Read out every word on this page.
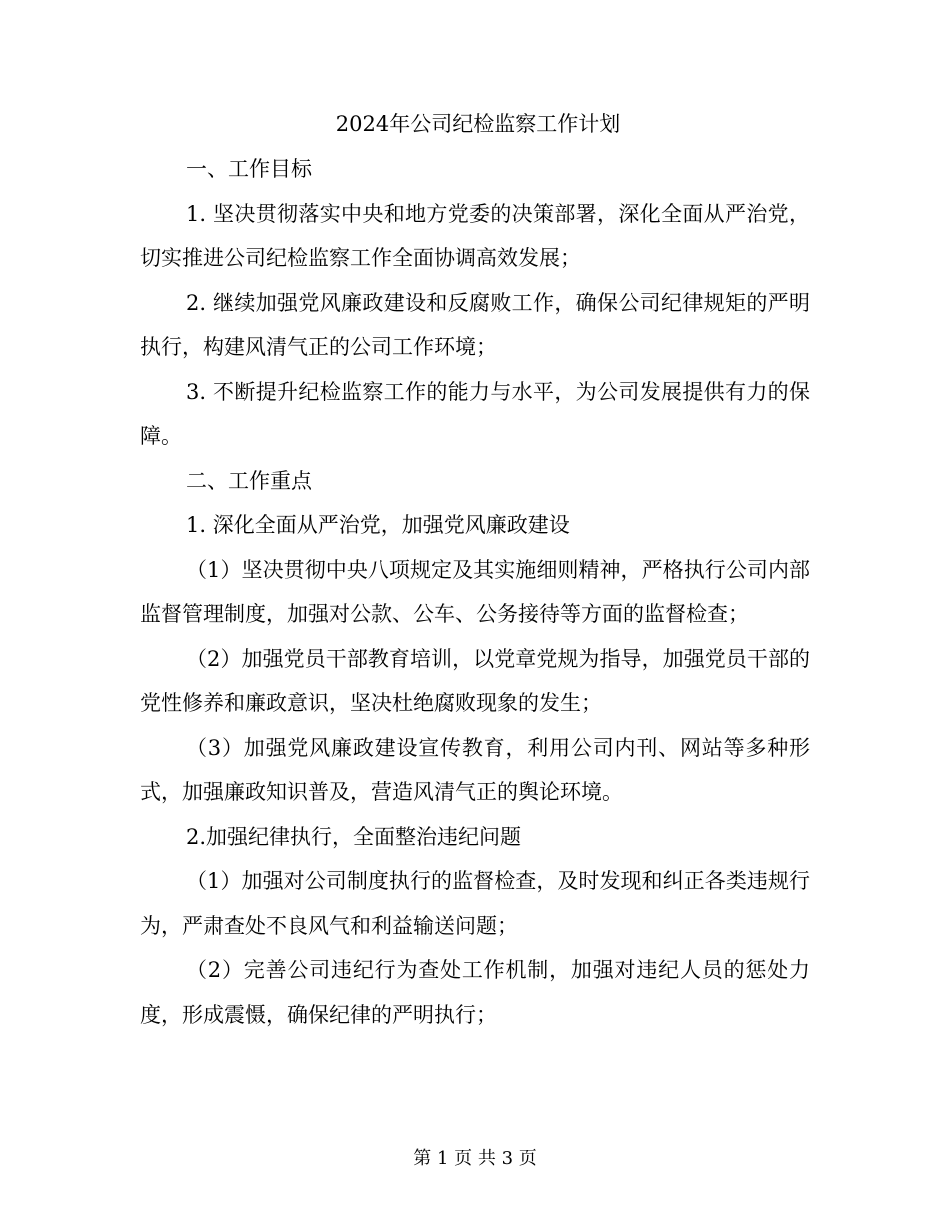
2024年公司纪检监察工作计划

一、工作目标

1. 坚决贯彻落实中央和地方党委的决策部署，深化全面从严治党，切实推进公司纪检监察工作全面协调高效发展；

2. 继续加强党风廉政建设和反腐败工作，确保公司纪律规矩的严明执行，构建风清气正的公司工作环境；

3. 不断提升纪检监察工作的能力与水平，为公司发展提供有力的保障。

二、工作重点

1. 深化全面从严治党，加强党风廉政建设

（1）坚决贯彻中央八项规定及其实施细则精神，严格执行公司内部监督管理制度，加强对公款、公车、公务接待等方面的监督检查；

（2）加强党员干部教育培训，以党章党规为指导，加强党员干部的党性修养和廉政意识，坚决杜绝腐败现象的发生；

（3）加强党风廉政建设宣传教育，利用公司内刊、网站等多种形式，加强廉政知识普及，营造风清气正的舆论环境。

2.加强纪律执行，全面整治违纪问题

（1）加强对公司制度执行的监督检查，及时发现和纠正各类违规行为，严肃查处不良风气和利益输送问题；

（2）完善公司违纪行为查处工作机制，加强对违纪人员的惩处力度，形成震慑，确保纪律的严明执行；

第 1 页 共 3 页
